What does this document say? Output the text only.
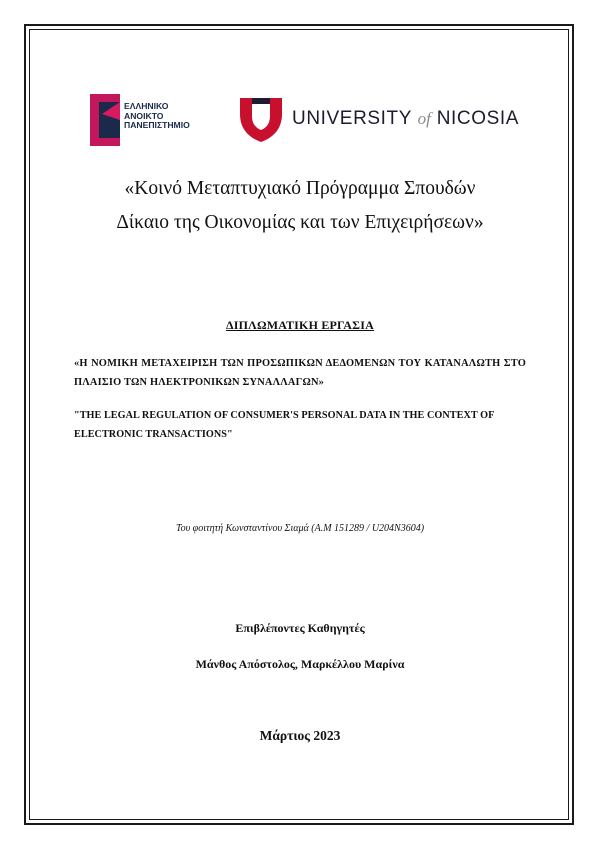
ΕΛΛΗΝΙΚΟ
ΑΝΟΙΚΤΟ
ΠΑΝΕΠΙΣΤΗΜΙΟ	UNIVERSITY of NICOSIA
«Κοινό Μεταπτυχιακό Πρόγραμμα Σπουδών
Δίκαιο της Οικονομίας και των Επιχειρήσεων»
ΔΙΠΛΩΜΑΤΙΚΗ ΕΡΓΑΣΙΑ
«Η ΝΟΜΙΚΗ ΜΕΤΑΧΕΙΡΙΣΗ ΤΩΝ ΠΡΟΣΩΠΙΚΩΝ ΔΕΔΟΜΕΝΩΝ ΤΟΥ ΚΑΤΑΝΑΛΩΤΗ ΣΤΟ ΠΛΑΙΣΙΟ ΤΩΝ ΗΛΕΚΤΡΟΝΙΚΩΝ ΣΥΝΑΛΛΑΓΩΝ»
"THE LEGAL REGULATION OF CONSUMER'S PERSONAL DATA IN THE CONTEXT OF ELECTRONIC TRANSACTIONS"
Του φοιτητή Κωνσταντίνου Σιαμά (Α.Μ 151289 / U204N3604)
Επιβλέποντες Καθηγητές
Μάνθος Απόστολος, Μαρκέλλου Μαρίνα
Μάρτιος 2023
